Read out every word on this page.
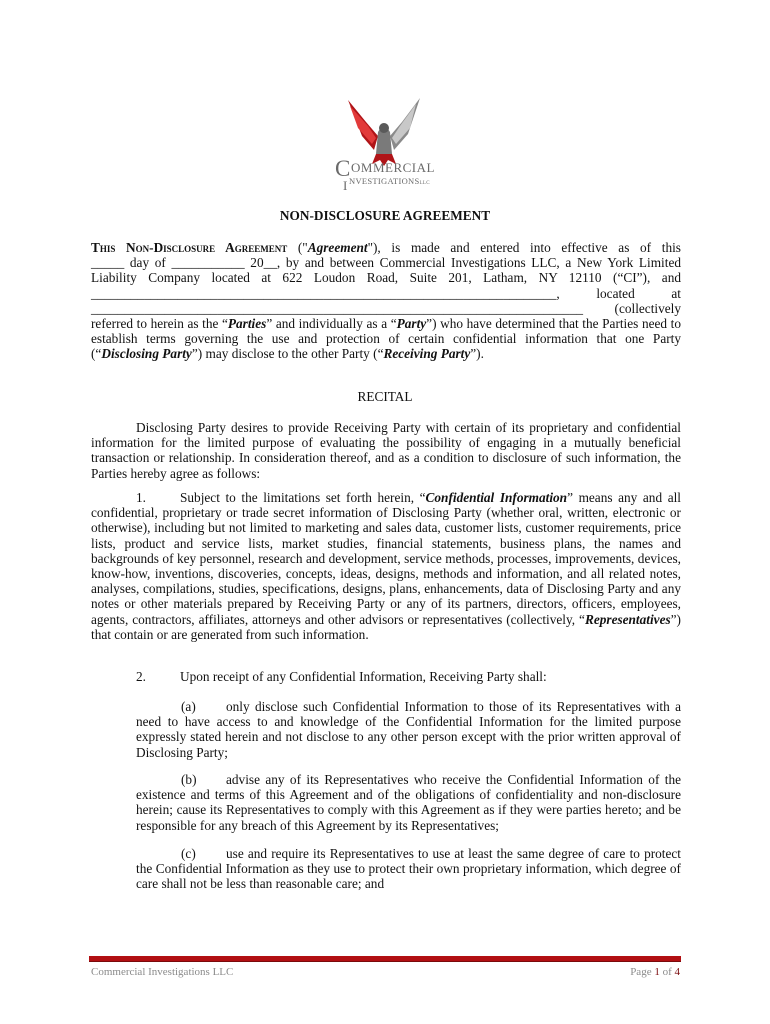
C OMMERCIAL
I NVESTIGATIONSLLC
NON-DISCLOSURE AGREEMENT
This Non-Disclosure Agreement ("Agreement"), is made and entered into effective as of this
_____ day of ___________ 20__, by and between Commercial Investigations LLC, a New York Limited
Liability Company located at 622 Loudon Road, Suite 201, Latham, NY 12110 (“CI”), and
______________________________________________________________________,	located	at
__________________________________________________________________________ (collectively
referred to herein as the “Parties” and individually as a “Party”) who have determined that the Parties need to establish terms governing the use and protection of certain confidential information that one Party (“Disclosing Party”) may disclose to the other Party (“Receiving Party”).
RECITAL
Disclosing Party desires to provide Receiving Party with certain of its proprietary and confidential information for the limited purpose of evaluating the possibility of engaging in a mutually beneficial transaction or relationship. In consideration thereof, and as a condition to disclosure of such information, the Parties hereby agree as follows:
1.	Subject to the limitations set forth herein, “Confidential Information” means any and all confidential, proprietary or trade secret information of Disclosing Party (whether oral, written, electronic or otherwise), including but not limited to marketing and sales data, customer lists, customer requirements, price lists, product and service lists, market studies, financial statements, business plans, the names and backgrounds of key personnel, research and development, service methods, processes, improvements, devices, know-how, inventions, discoveries, concepts, ideas, designs, methods and information, and all related notes, analyses, compilations, studies, specifications, designs, plans, enhancements, data of Disclosing Party and any notes or other materials prepared by Receiving Party or any of its partners, directors, officers, employees, agents, contractors, affiliates, attorneys and other advisors or representatives (collectively, “Representatives”) that contain or are generated from such information.
2.	Upon receipt of any Confidential Information, Receiving Party shall:
(a) only disclose such Confidential Information to those of its Representatives with a need to have access to and knowledge of the Confidential Information for the limited purpose expressly stated herein and not disclose to any other person except with the prior written approval of Disclosing Party;
(b) advise any of its Representatives who receive the Confidential Information of the existence and terms of this Agreement and of the obligations of confidentiality and non-disclosure herein; cause its Representatives to comply with this Agreement as if they were parties hereto; and be responsible for any breach of this Agreement by its Representatives;
(c) use and require its Representatives to use at least the same degree of care to protect the Confidential Information as they use to protect their own proprietary information, which degree of care shall not be less than reasonable care; and
Commercial Investigations LLC	Page 1 of 4
